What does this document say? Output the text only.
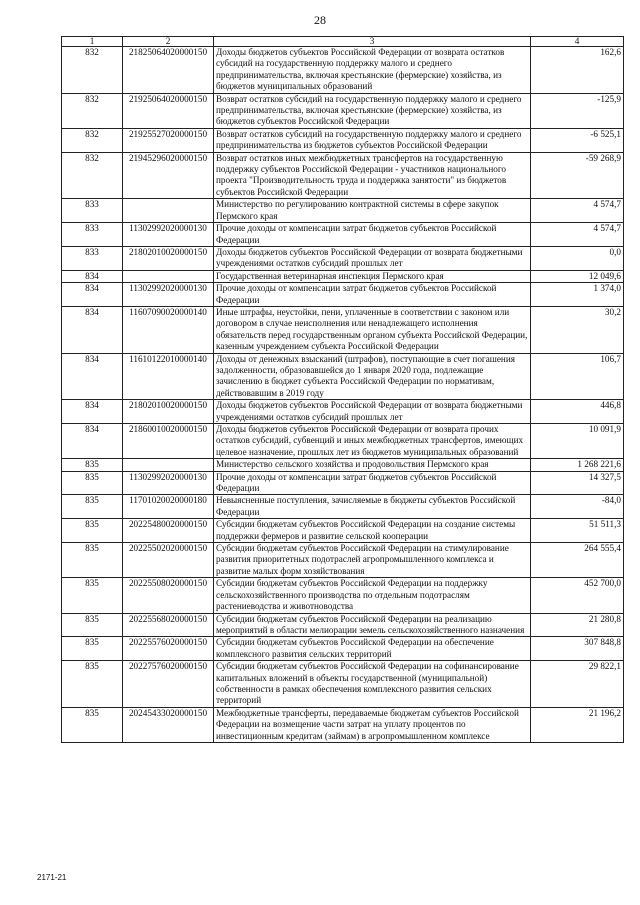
28
1	2	3	4
832	21825064020000150	Доходы бюджетов субъектов Российской Федерации от возврата остатков субсидий на государственную поддержку малого и среднего предпринимательства, включая крестьянские (фермерские) хозяйства, из бюджетов муниципальных образований	162,6
832	21925064020000150	Возврат остатков субсидий на государственную поддержку малого и среднего предпринимательства, включая крестьянские (фермерские) хозяйства, из бюджетов субъектов Российской Федерации	-125,9
832	21925527020000150	Возврат остатков субсидий на государственную поддержку малого и среднего предпринимательства из бюджетов субъектов Российской Федерации	-6 525,1
832	21945296020000150	Возврат остатков иных межбюджетных трансфертов на государственную поддержку субъектов Российской Федерации - участников национального проекта "Производительность труда и поддержка занятости" из бюджетов субъектов Российской Федерации	-59 268,9
833		Министерство по регулированию контрактной системы в сфере закупок Пермского края	4 574,7
833	11302992020000130	Прочие доходы от компенсации затрат бюджетов субъектов Российской Федерации	4 574,7
833	21802010020000150	Доходы бюджетов субъектов Российской Федерации от возврата бюджетными учреждениями остатков субсидий прошлых лет	0,0
834		Государственная ветеринарная инспекция Пермского края	12 049,6
834	11302992020000130	Прочие доходы от компенсации затрат бюджетов субъектов Российской Федерации	1 374,0
834	11607090020000140	Иные штрафы, неустойки, пени, уплаченные в соответствии с законом или договором в случае неисполнения или ненадлежащего исполнения обязательств перед государственным органом субъекта Российской Федерации, казенным учреждением субъекта Российской Федерации	30,2
834	11610122010000140	Доходы от денежных взысканий (штрафов), поступающие в счет погашения задолженности, образовавшейся до 1 января 2020 года, подлежащие зачислению в бюджет субъекта Российской Федерации по нормативам, действовавшим в 2019 году	106,7
834	21802010020000150	Доходы бюджетов субъектов Российской Федерации от возврата бюджетными учреждениями остатков субсидий прошлых лет	446,8
834	21860010020000150	Доходы бюджетов субъектов Российской Федерации от возврата прочих остатков субсидий, субвенций и иных межбюджетных трансфертов, имеющих целевое назначение, прошлых лет из бюджетов муниципальных образований	10 091,9
835		Министерство сельского хозяйства и продовольствия Пермского края	1 268 221,6
835	11302992020000130	Прочие доходы от компенсации затрат бюджетов субъектов Российской Федерации	14 327,5
835	11701020020000180	Невыясненные поступления, зачисляемые в бюджеты субъектов Российской Федерации	-84,0
835	20225480020000150	Субсидии бюджетам субъектов Российской Федерации на создание системы поддержки фермеров и развитие сельской кооперации	51 511,3
835	20225502020000150	Субсидии бюджетам субъектов Российской Федерации на стимулирование развития приоритетных подотраслей агропромышленного комплекса и развитие малых форм хозяйствования	264 555,4
835	20225508020000150	Субсидии бюджетам субъектов Российской Федерации на поддержку сельскохозяйственного производства по отдельным подотраслям растениеводства и животноводства	452 700,0
835	20225568020000150	Субсидии бюджетам субъектов Российской Федерации на реализацию мероприятий в области мелиорации земель сельскохозяйственного назначения	21 280,8
835	20225576020000150	Субсидии бюджетам субъектов Российской Федерации на обеспечение комплексного развития сельских территорий	307 848,8
835	20227576020000150	Субсидии бюджетам субъектов Российской Федерации на софинансирование капитальных вложений в объекты государственной (муниципальной) собственности в рамках обеспечения комплексного развития сельских территорий	29 822,1
835	20245433020000150	Межбюджетные трансферты, передаваемые бюджетам субъектов Российской Федерации на возмещение части затрат на уплату процентов по инвестиционным кредитам (займам) в агропромышленном комплексе	21 196,2
2171-21
